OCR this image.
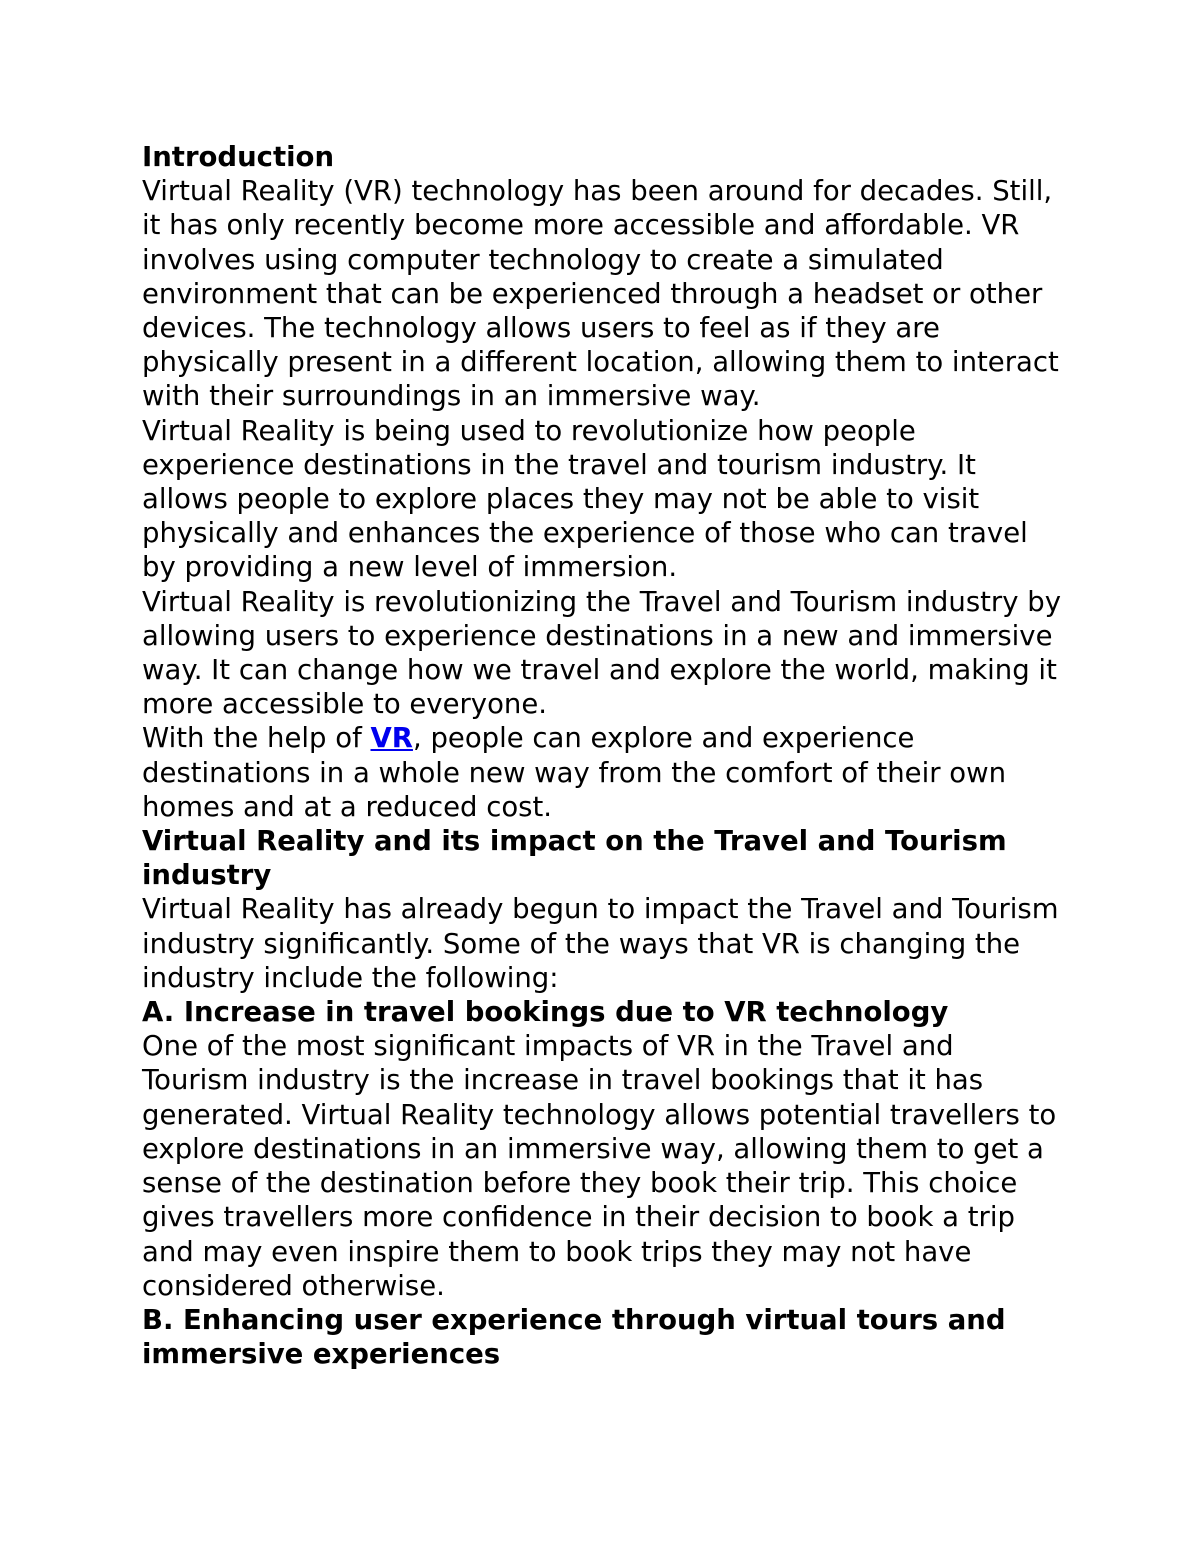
Introduction

Virtual Reality (VR) technology has been around for decades. Still, it has only recently become more accessible and affordable. VR involves using computer technology to create a simulated environment that can be experienced through a headset or other devices. The technology allows users to feel as if they are physically present in a different location, allowing them to interact with their surroundings in an immersive way.

Virtual Reality is being used to revolutionize how people experience destinations in the travel and tourism industry. It allows people to explore places they may not be able to visit physically and enhances the experience of those who can travel by providing a new level of immersion.

Virtual Reality is revolutionizing the Travel and Tourism industry by allowing users to experience destinations in a new and immersive way. It can change how we travel and explore the world, making it more accessible to everyone.

With the help of VR, people can explore and experience destinations in a whole new way from the comfort of their own homes and at a reduced cost.

Virtual Reality and its impact on the Travel and Tourism industry

Virtual Reality has already begun to impact the Travel and Tourism industry significantly. Some of the ways that VR is changing the industry include the following:

A. Increase in travel bookings due to VR technology

One of the most significant impacts of VR in the Travel and Tourism industry is the increase in travel bookings that it has generated. Virtual Reality technology allows potential travellers to explore destinations in an immersive way, allowing them to get a sense of the destination before they book their trip. This choice gives travellers more confidence in their decision to book a trip and may even inspire them to book trips they may not have considered otherwise.

B. Enhancing user experience through virtual tours and immersive experiences
